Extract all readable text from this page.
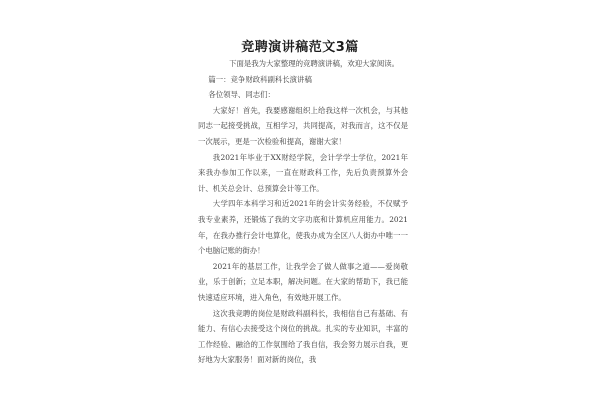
竞聘演讲稿范文3篇

下面是我为大家整理的竞聘演讲稿，欢迎大家阅读。

篇一：竞争财政科副科长演讲稿

各位领导、同志们：

大家好！首先，我要感谢组织上给我这样一次机会，与其他同志一起接受挑战，互相学习，共同提高，对我而言，这不仅是一次展示，更是一次检验和提高，谢谢大家！

我2021年毕业于XX财经学院，会计学学士学位，2021年来我办参加工作以来，一直在财政科工作，先后负责预算外会计、机关总会计、总预算会计等工作。

大学四年本科学习和近2021年的会计实务经验，不仅赋予我专业素养，还锻炼了我的文字功底和计算机应用能力。2021年，在我办推行会计电算化，使我办成为全区八人街办中唯一一个电脑记账的街办！

2021年的基层工作，让我学会了做人做事之道——爱岗敬业，乐于创新；立足本职，解决问题。在大家的帮助下，我已能快速适应环境，进入角色，有效地开展工作。

这次我竞聘的岗位是财政科副科长，我相信自己有基础、有能力、有信心去接受这个岗位的挑战。扎实的专业知识，丰富的工作经验、融洽的工作氛围给了我自信，我会努力展示自我，更好地为大家服务！面对新的岗位，我
